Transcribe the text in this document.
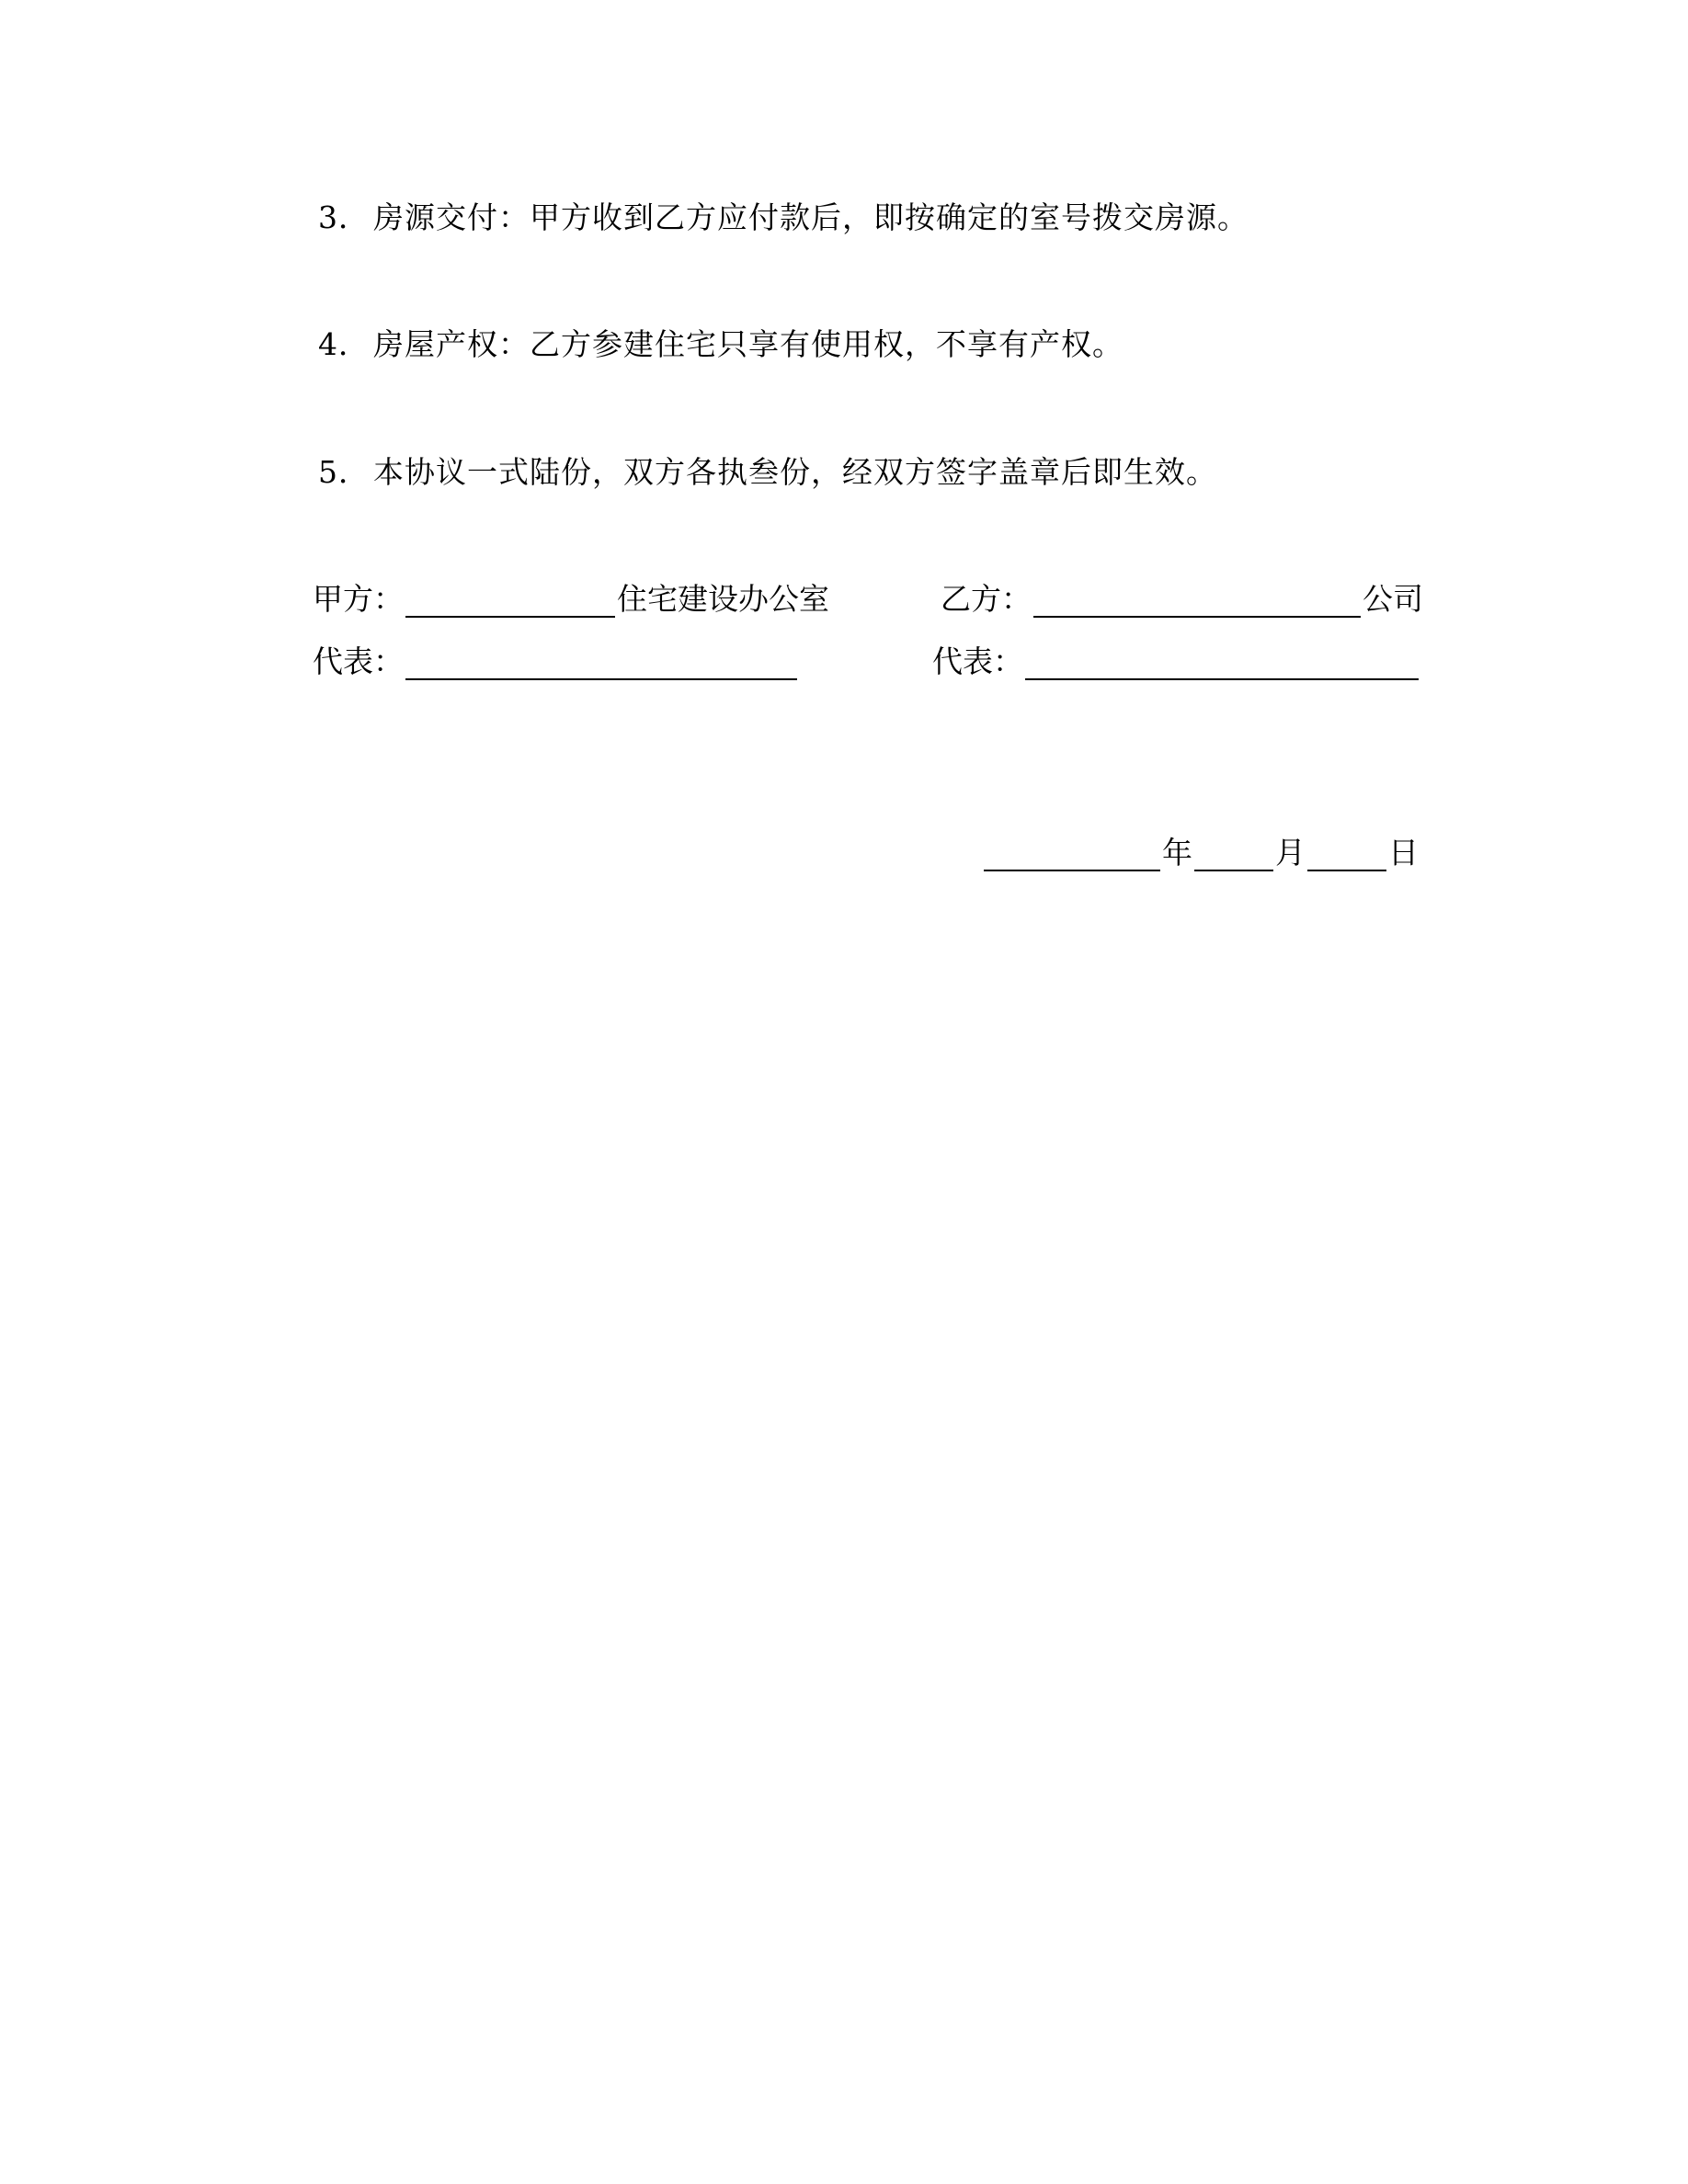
3． 房源交付：甲方收到乙方应付款后，即按确定的室号拨交房源。
4． 房屋产权：乙方参建住宅只享有使用权，不享有产权。
5． 本协议一式陆份，双方各执叁份，经双方签字盖章后即生效。
甲方：	住宅建设办公室	乙方：	公司
代表：	代表：
年	月	日
